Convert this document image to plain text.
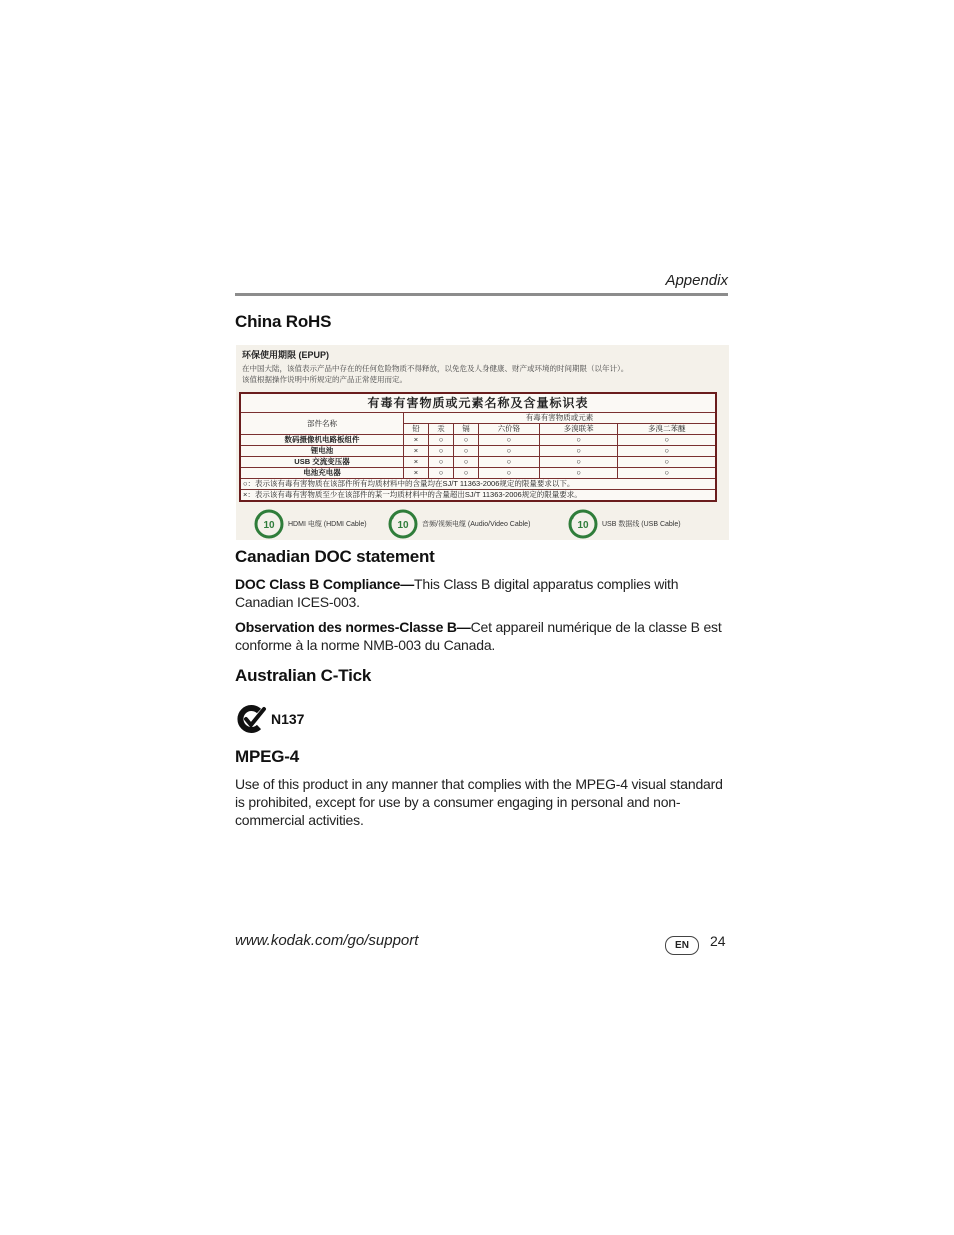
Appendix
China RoHS
环保使用期限 (EPUP)
在中国大陆，该值表示产品中存在的任何危险物质不得释放，以免危及人身健康、财产或环境的时间期限（以年计）。
该值根据操作说明中所规定的产品正常使用而定。
有毒有害物质或元素名称及含量标识表						
部件名称	有毒有害物质或元素					
	铅	汞	镉	六价铬	多溴联苯	多溴二苯醚
数码摄像机电路板组件	×	○	○	○	○	○
锂电池	×	○	○	○	○	○
USB 交流变压器	×	○	○	○	○	○
电池充电器	×	○	○	○	○	○
○：表示该有毒有害物质在该部件所有均质材料中的含量均在SJ/T 11363-2006规定的限量要求以下。						
×：表示该有毒有害物质至少在该部件的某一均质材料中的含量超出SJ/T 11363-2006规定的限量要求。						
10 HDMI 电缆 (HDMI Cable)	10 音频/视频电缆 (Audio/Video Cable)	10 USB 数据线 (USB Cable)
Canadian DOC statement

DOC Class B Compliance—This Class B digital apparatus complies with Canadian ICES-003.

Observation des normes-Classe B—Cet appareil numérique de la classe B est conforme à la norme NMB-003 du Canada.

Australian C-Tick
N137
MPEG-4

Use of this product in any manner that complies with the MPEG-4 visual standard is prohibited, except for use by a consumer engaging in personal and non-commercial activities.

www.kodak.com/go/support	EN	24
